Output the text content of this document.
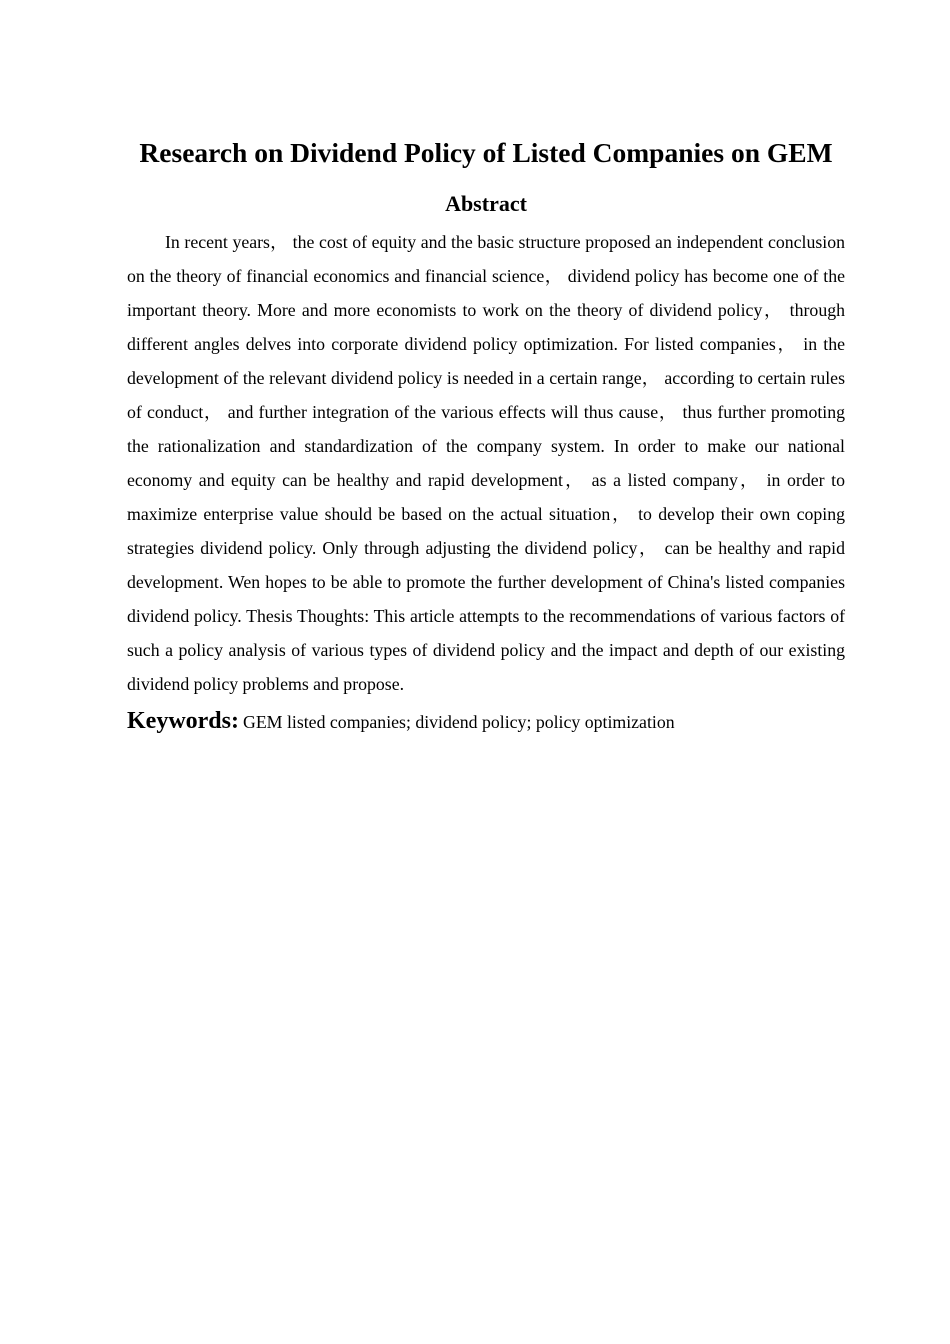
Research on Dividend Policy of Listed Companies on GEM
Abstract

In recent years， the cost of equity and the basic structure proposed an independent conclusion on the theory of financial economics and financial science， dividend policy has become one of the important theory. More and more economists to work on the theory of dividend policy， through different angles delves into corporate dividend policy optimization. For listed companies， in the development of the relevant dividend policy is needed in a certain range， according to certain rules of conduct， and further integration of the various effects will thus cause， thus further promoting the rationalization and standardization of the company system. In order to make our national economy and equity can be healthy and rapid development， as a listed company， in order to maximize enterprise value should be based on the actual situation， to develop their own coping strategies dividend policy. Only through adjusting the dividend policy， can be healthy and rapid development. Wen hopes to be able to promote the further development of China's listed companies dividend policy. Thesis Thoughts: This article attempts to the recommendations of various factors of such a policy analysis of various types of dividend policy and the impact and depth of our existing dividend policy problems and propose.

Keywords: GEM listed companies; dividend policy; policy optimization
